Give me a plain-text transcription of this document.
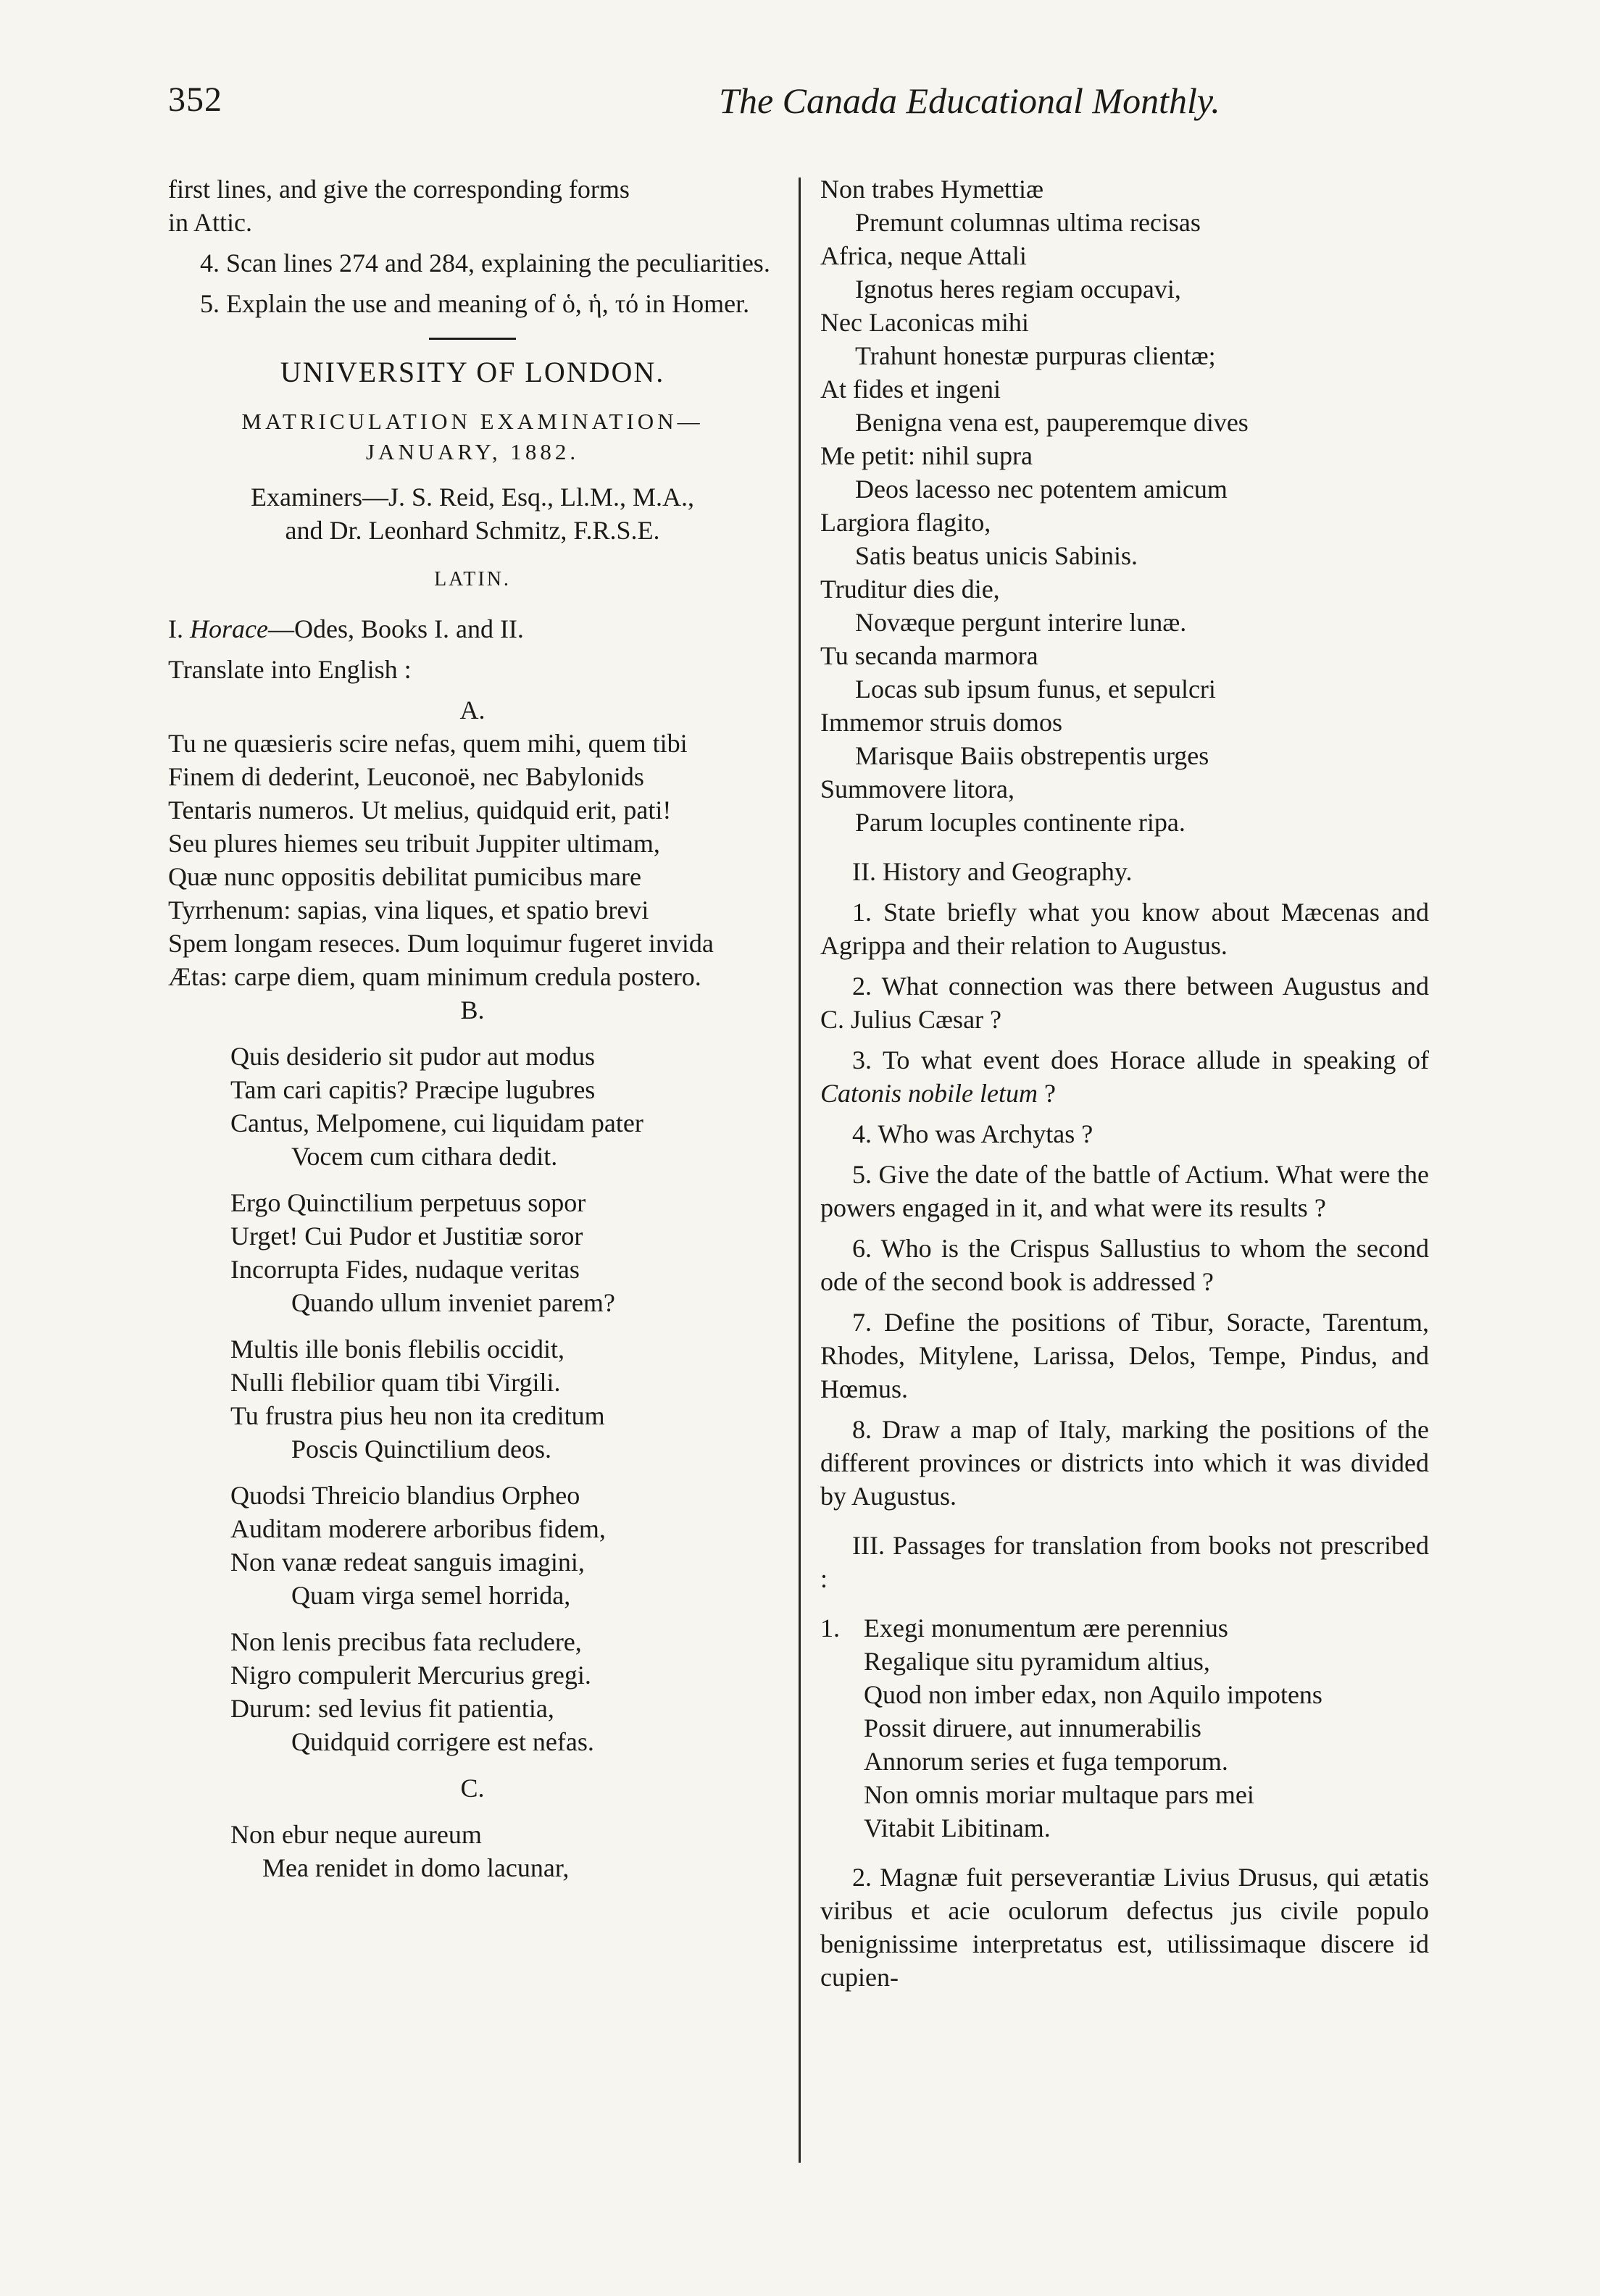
352	The Canada Educational Monthly.

first lines, and give the corresponding forms

in Attic.

4. Scan lines 274 and 284, explaining the peculiarities.

5. Explain the use and meaning of ὁ, ἡ, τό in Homer.

UNIVERSITY OF LONDON.

MATRICULATION EXAMINATION—
JANUARY, 1882.

Examiners—J. S. Reid, Esq., Ll.M., M.A.,
and Dr. Leonhard Schmitz, F.R.S.E.

LATIN.

I. Horace—Odes, Books I. and II.

Translate into English :

A.

Tu ne quæsieris scire nefas, quem mihi, quem tibi

Finem di dederint, Leuconoë, nec Babylonids

Tentaris numeros. Ut melius, quidquid erit, pati!

Seu plures hiemes seu tribuit Juppiter ultimam,

Quæ nunc oppositis debilitat pumicibus mare

Tyrrhenum: sapias, vina liques, et spatio brevi

Spem longam reseces. Dum loquimur fugeret invida

Ætas: carpe diem, quam minimum credula postero.

B.

Quis desiderio sit pudor aut modus

Tam cari capitis? Præcipe lugubres

Cantus, Melpomene, cui liquidam pater

Vocem cum cithara dedit.

Ergo Quinctilium perpetuus sopor

Urget! Cui Pudor et Justitiæ soror

Incorrupta Fides, nudaque veritas

Quando ullum inveniet parem?

Multis ille bonis flebilis occidit,

Nulli flebilior quam tibi Virgili.

Tu frustra pius heu non ita creditum

Poscis Quinctilium deos.

Quodsi Threicio blandius Orpheo

Auditam moderere arboribus fidem,

Non vanæ redeat sanguis imagini,

Quam virga semel horrida,

Non lenis precibus fata recludere,

Nigro compulerit Mercurius gregi.

Durum: sed levius fit patientia,

Quidquid corrigere est nefas.

C.

Non ebur neque aureum

Mea renidet in domo lacunar,

Non trabes Hymettiæ

Premunt columnas ultima recisas

Africa, neque Attali

Ignotus heres regiam occupavi,

Nec Laconicas mihi

Trahunt honestæ purpuras clientæ;

At fides et ingeni

Benigna vena est, pauperemque dives

Me petit: nihil supra

Deos lacesso nec potentem amicum

Largiora flagito,

Satis beatus unicis Sabinis.

Truditur dies die,

Novæque pergunt interire lunæ.

Tu secanda marmora

Locas sub ipsum funus, et sepulcri

Immemor struis domos

Marisque Baiis obstrepentis urges

Summovere litora,

Parum locuples continente ripa.

II. History and Geography.

1. State briefly what you know about Mæcenas and Agrippa and their relation to Augustus.

2. What connection was there between Augustus and C. Julius Cæsar ?

3. To what event does Horace allude in speaking of Catonis nobile letum ?

4. Who was Archytas ?

5. Give the date of the battle of Actium. What were the powers engaged in it, and what were its results ?

6. Who is the Crispus Sallustius to whom the second ode of the second book is addressed ?

7. Define the positions of Tibur, Soracte, Tarentum, Rhodes, Mitylene, Larissa, Delos, Tempe, Pindus, and Hœmus.

8. Draw a map of Italy, marking the positions of the different provinces or districts into which it was divided by Augustus.

III. Passages for translation from books not prescribed :

1. Exegi monumentum ære perennius

Regalique situ pyramidum altius,

Quod non imber edax, non Aquilo impotens

Possit diruere, aut innumerabilis

Annorum series et fuga temporum.

Non omnis moriar multaque pars mei

Vitabit Libitinam.

2. Magnæ fuit perseverantiæ Livius Drusus, qui ætatis viribus et acie oculorum defectus jus civile populo benignissime interpretatus est, utilissimaque discere id cupien-
